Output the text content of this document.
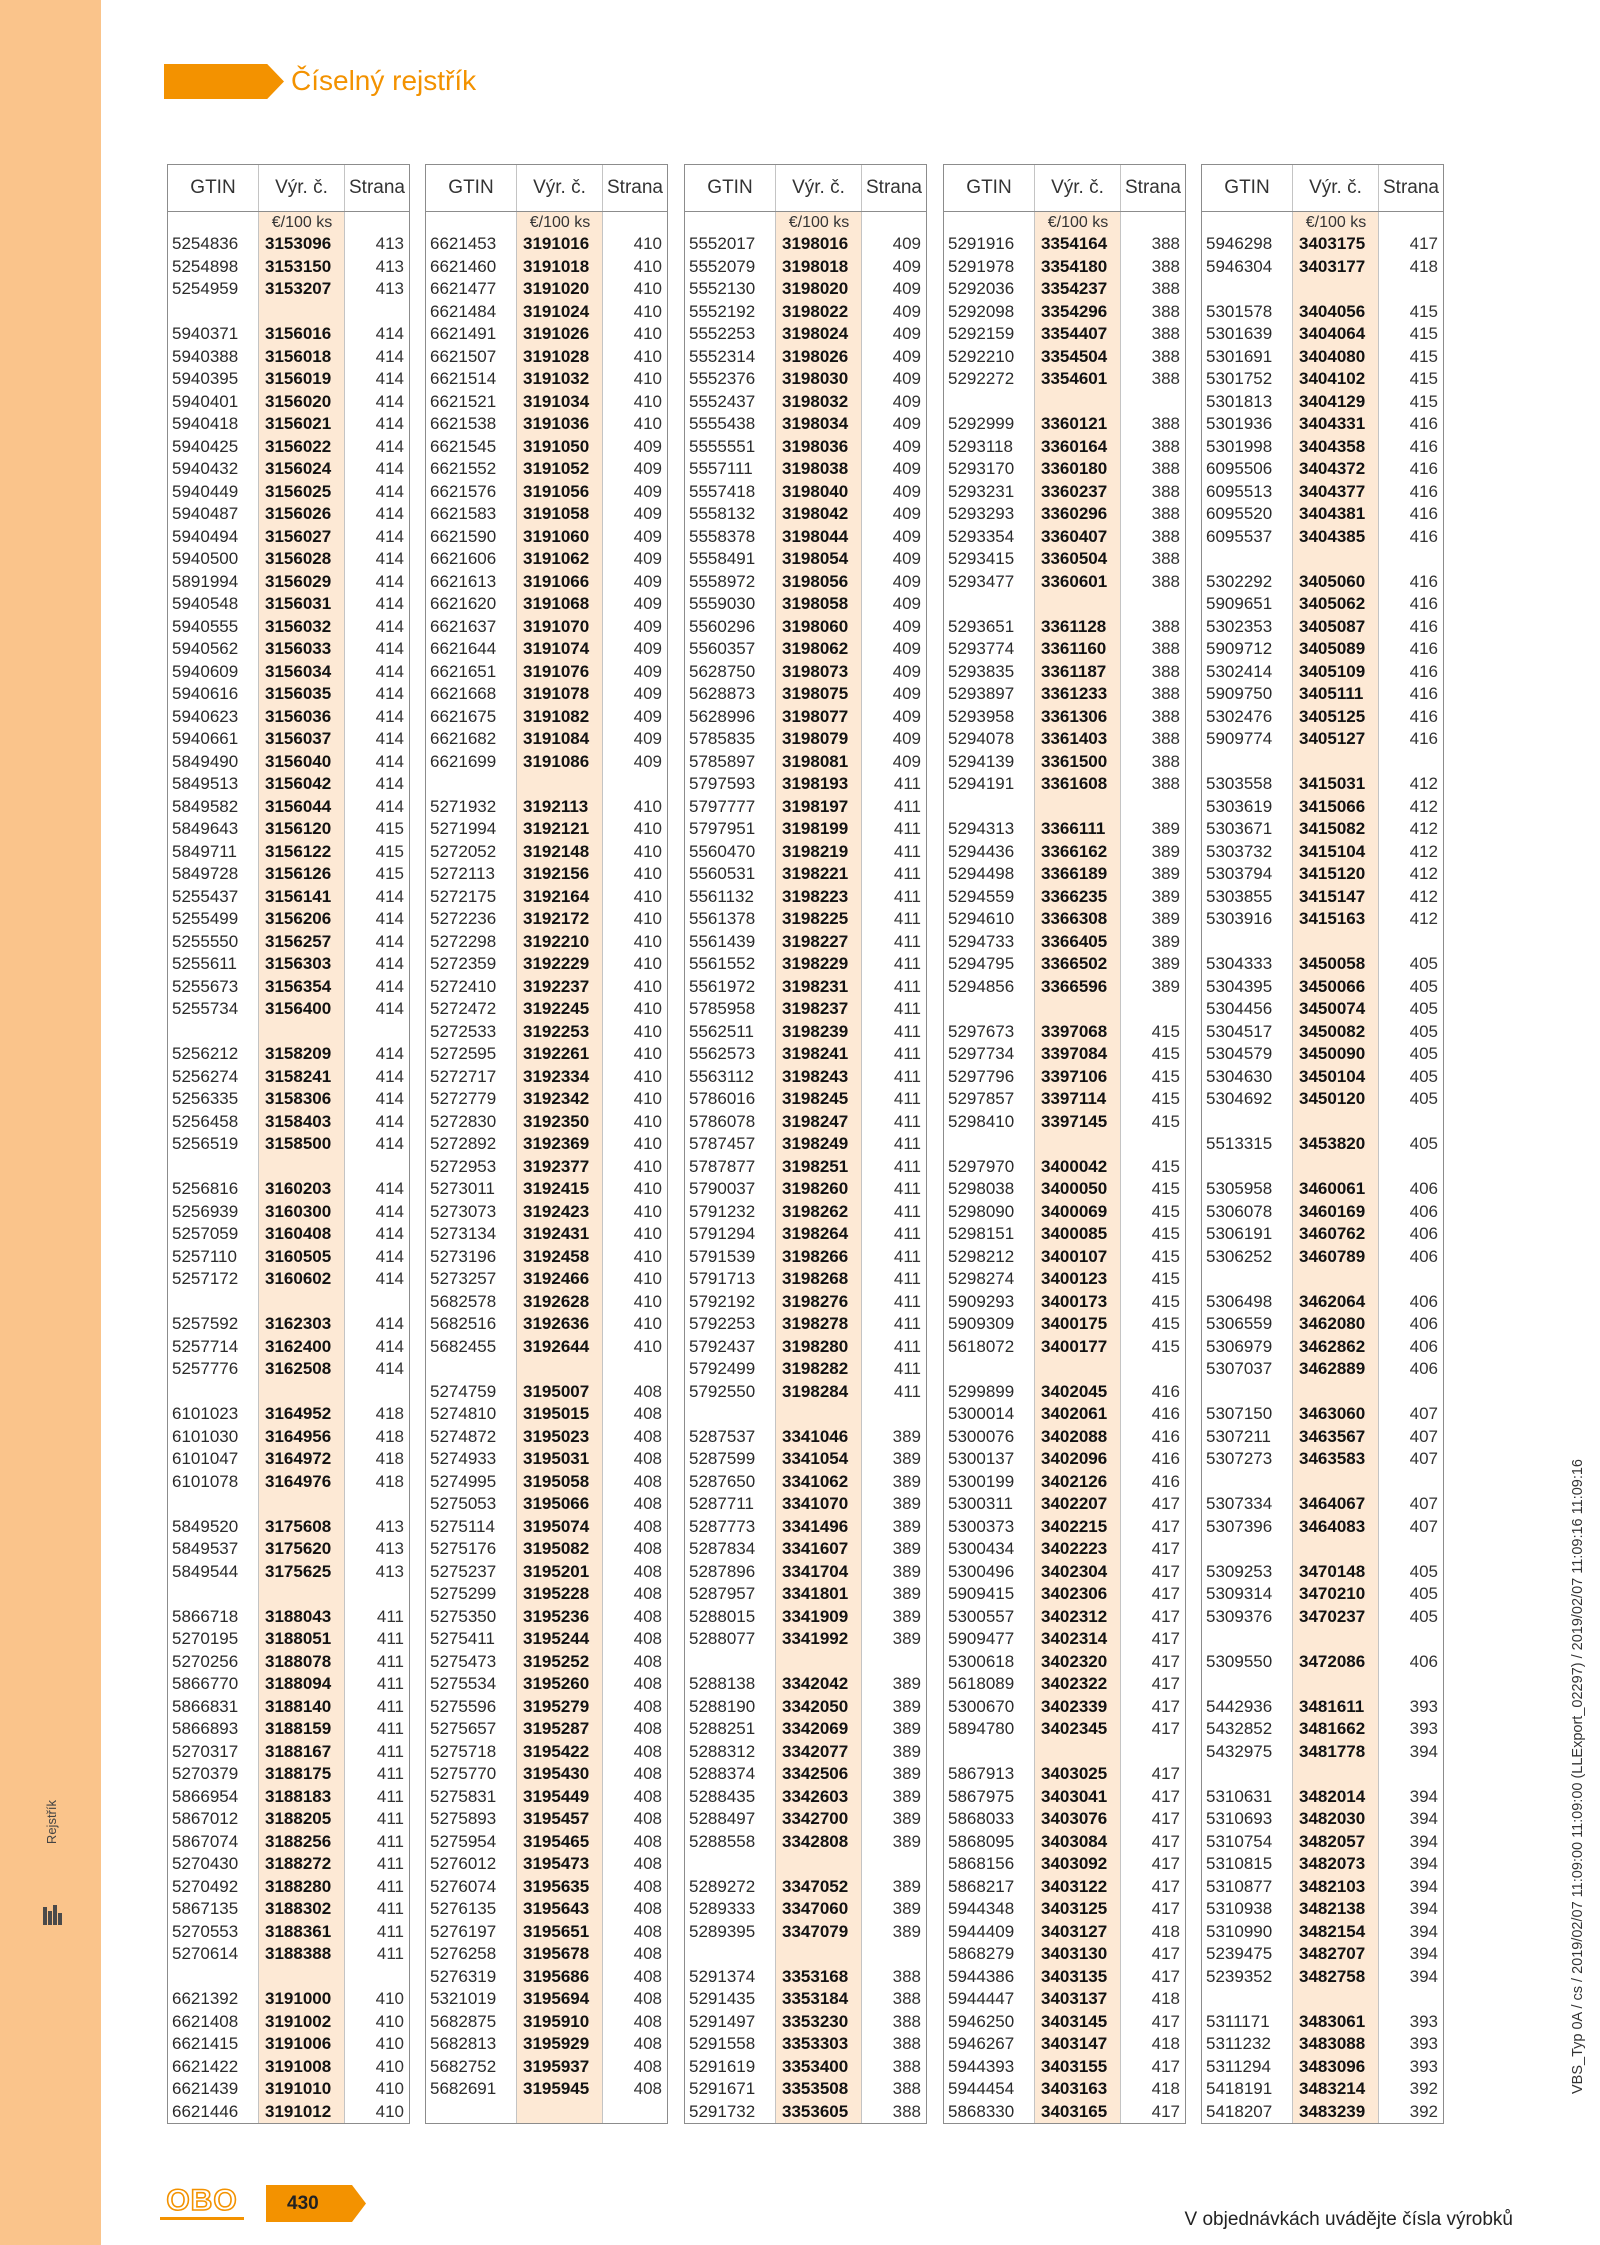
Rejstřík
Číselný rejstřík
GTIN	Výr. č.	Strana
€/100 ks
5254836	3153096	413
5254898	3153150	413
5254959	3153207	413
5940371	3156016	414
5940388	3156018	414
5940395	3156019	414
5940401	3156020	414
5940418	3156021	414
5940425	3156022	414
5940432	3156024	414
5940449	3156025	414
5940487	3156026	414
5940494	3156027	414
5940500	3156028	414
5891994	3156029	414
5940548	3156031	414
5940555	3156032	414
5940562	3156033	414
5940609	3156034	414
5940616	3156035	414
5940623	3156036	414
5940661	3156037	414
5849490	3156040	414
5849513	3156042	414
5849582	3156044	414
5849643	3156120	415
5849711	3156122	415
5849728	3156126	415
5255437	3156141	414
5255499	3156206	414
5255550	3156257	414
5255611	3156303	414
5255673	3156354	414
5255734	3156400	414
5256212	3158209	414
5256274	3158241	414
5256335	3158306	414
5256458	3158403	414
5256519	3158500	414
5256816	3160203	414
5256939	3160300	414
5257059	3160408	414
5257110	3160505	414
5257172	3160602	414
5257592	3162303	414
5257714	3162400	414
5257776	3162508	414
6101023	3164952	418
6101030	3164956	418
6101047	3164972	418
6101078	3164976	418
5849520	3175608	413
5849537	3175620	413
5849544	3175625	413
5866718	3188043	411
5270195	3188051	411
5270256	3188078	411
5866770	3188094	411
5866831	3188140	411
5866893	3188159	411
5270317	3188167	411
5270379	3188175	411
5866954	3188183	411
5867012	3188205	411
5867074	3188256	411
5270430	3188272	411
5270492	3188280	411
5867135	3188302	411
5270553	3188361	411
5270614	3188388	411
6621392	3191000	410
6621408	3191002	410
6621415	3191006	410
6621422	3191008	410
6621439	3191010	410
6621446	3191012	410
GTIN	Výr. č.	Strana
€/100 ks
6621453	3191016	410
6621460	3191018	410
6621477	3191020	410
6621484	3191024	410
6621491	3191026	410
6621507	3191028	410
6621514	3191032	410
6621521	3191034	410
6621538	3191036	410
6621545	3191050	409
6621552	3191052	409
6621576	3191056	409
6621583	3191058	409
6621590	3191060	409
6621606	3191062	409
6621613	3191066	409
6621620	3191068	409
6621637	3191070	409
6621644	3191074	409
6621651	3191076	409
6621668	3191078	409
6621675	3191082	409
6621682	3191084	409
6621699	3191086	409
5271932	3192113	410
5271994	3192121	410
5272052	3192148	410
5272113	3192156	410
5272175	3192164	410
5272236	3192172	410
5272298	3192210	410
5272359	3192229	410
5272410	3192237	410
5272472	3192245	410
5272533	3192253	410
5272595	3192261	410
5272717	3192334	410
5272779	3192342	410
5272830	3192350	410
5272892	3192369	410
5272953	3192377	410
5273011	3192415	410
5273073	3192423	410
5273134	3192431	410
5273196	3192458	410
5273257	3192466	410
5682578	3192628	410
5682516	3192636	410
5682455	3192644	410
5274759	3195007	408
5274810	3195015	408
5274872	3195023	408
5274933	3195031	408
5274995	3195058	408
5275053	3195066	408
5275114	3195074	408
5275176	3195082	408
5275237	3195201	408
5275299	3195228	408
5275350	3195236	408
5275411	3195244	408
5275473	3195252	408
5275534	3195260	408
5275596	3195279	408
5275657	3195287	408
5275718	3195422	408
5275770	3195430	408
5275831	3195449	408
5275893	3195457	408
5275954	3195465	408
5276012	3195473	408
5276074	3195635	408
5276135	3195643	408
5276197	3195651	408
5276258	3195678	408
5276319	3195686	408
5321019	3195694	408
5682875	3195910	408
5682813	3195929	408
5682752	3195937	408
5682691	3195945	408
GTIN	Výr. č.	Strana
€/100 ks
5552017	3198016	409
5552079	3198018	409
5552130	3198020	409
5552192	3198022	409
5552253	3198024	409
5552314	3198026	409
5552376	3198030	409
5552437	3198032	409
5555438	3198034	409
5555551	3198036	409
5557111	3198038	409
5557418	3198040	409
5558132	3198042	409
5558378	3198044	409
5558491	3198054	409
5558972	3198056	409
5559030	3198058	409
5560296	3198060	409
5560357	3198062	409
5628750	3198073	409
5628873	3198075	409
5628996	3198077	409
5785835	3198079	409
5785897	3198081	409
5797593	3198193	411
5797777	3198197	411
5797951	3198199	411
5560470	3198219	411
5560531	3198221	411
5561132	3198223	411
5561378	3198225	411
5561439	3198227	411
5561552	3198229	411
5561972	3198231	411
5785958	3198237	411
5562511	3198239	411
5562573	3198241	411
5563112	3198243	411
5786016	3198245	411
5786078	3198247	411
5787457	3198249	411
5787877	3198251	411
5790037	3198260	411
5791232	3198262	411
5791294	3198264	411
5791539	3198266	411
5791713	3198268	411
5792192	3198276	411
5792253	3198278	411
5792437	3198280	411
5792499	3198282	411
5792550	3198284	411
5287537	3341046	389
5287599	3341054	389
5287650	3341062	389
5287711	3341070	389
5287773	3341496	389
5287834	3341607	389
5287896	3341704	389
5287957	3341801	389
5288015	3341909	389
5288077	3341992	389
5288138	3342042	389
5288190	3342050	389
5288251	3342069	389
5288312	3342077	389
5288374	3342506	389
5288435	3342603	389
5288497	3342700	389
5288558	3342808	389
5289272	3347052	389
5289333	3347060	389
5289395	3347079	389
5291374	3353168	388
5291435	3353184	388
5291497	3353230	388
5291558	3353303	388
5291619	3353400	388
5291671	3353508	388
5291732	3353605	388
GTIN	Výr. č.	Strana
€/100 ks
5291916	3354164	388
5291978	3354180	388
5292036	3354237	388
5292098	3354296	388
5292159	3354407	388
5292210	3354504	388
5292272	3354601	388
5292999	3360121	388
5293118	3360164	388
5293170	3360180	388
5293231	3360237	388
5293293	3360296	388
5293354	3360407	388
5293415	3360504	388
5293477	3360601	388
5293651	3361128	388
5293774	3361160	388
5293835	3361187	388
5293897	3361233	388
5293958	3361306	388
5294078	3361403	388
5294139	3361500	388
5294191	3361608	388
5294313	3366111	389
5294436	3366162	389
5294498	3366189	389
5294559	3366235	389
5294610	3366308	389
5294733	3366405	389
5294795	3366502	389
5294856	3366596	389
5297673	3397068	415
5297734	3397084	415
5297796	3397106	415
5297857	3397114	415
5298410	3397145	415
5297970	3400042	415
5298038	3400050	415
5298090	3400069	415
5298151	3400085	415
5298212	3400107	415
5298274	3400123	415
5909293	3400173	415
5909309	3400175	415
5618072	3400177	415
5299899	3402045	416
5300014	3402061	416
5300076	3402088	416
5300137	3402096	416
5300199	3402126	416
5300311	3402207	417
5300373	3402215	417
5300434	3402223	417
5300496	3402304	417
5909415	3402306	417
5300557	3402312	417
5909477	3402314	417
5300618	3402320	417
5618089	3402322	417
5300670	3402339	417
5894780	3402345	417
5867913	3403025	417
5867975	3403041	417
5868033	3403076	417
5868095	3403084	417
5868156	3403092	417
5868217	3403122	417
5944348	3403125	417
5944409	3403127	418
5868279	3403130	417
5944386	3403135	417
5944447	3403137	418
5946250	3403145	417
5946267	3403147	418
5944393	3403155	417
5944454	3403163	418
5868330	3403165	417
GTIN	Výr. č.	Strana
€/100 ks
5946298	3403175	417
5946304	3403177	418
5301578	3404056	415
5301639	3404064	415
5301691	3404080	415
5301752	3404102	415
5301813	3404129	415
5301936	3404331	416
5301998	3404358	416
6095506	3404372	416
6095513	3404377	416
6095520	3404381	416
6095537	3404385	416
5302292	3405060	416
5909651	3405062	416
5302353	3405087	416
5909712	3405089	416
5302414	3405109	416
5909750	3405111	416
5302476	3405125	416
5909774	3405127	416
5303558	3415031	412
5303619	3415066	412
5303671	3415082	412
5303732	3415104	412
5303794	3415120	412
5303855	3415147	412
5303916	3415163	412
5304333	3450058	405
5304395	3450066	405
5304456	3450074	405
5304517	3450082	405
5304579	3450090	405
5304630	3450104	405
5304692	3450120	405
5513315	3453820	405
5305958	3460061	406
5306078	3460169	406
5306191	3460762	406
5306252	3460789	406
5306498	3462064	406
5306559	3462080	406
5306979	3462862	406
5307037	3462889	406
5307150	3463060	407
5307211	3463567	407
5307273	3463583	407
5307334	3464067	407
5307396	3464083	407
5309253	3470148	405
5309314	3470210	405
5309376	3470237	405
5309550	3472086	406
5442936	3481611	393
5432852	3481662	393
5432975	3481778	394
5310631	3482014	394
5310693	3482030	394
5310754	3482057	394
5310815	3482073	394
5310877	3482103	394
5310938	3482138	394
5310990	3482154	394
5239475	3482707	394
5239352	3482758	394
5311171	3483061	393
5311232	3483088	393
5311294	3483096	393
5418191	3483214	392
5418207	3483239	392
OBO	430
V objednávkách uvádějte čísla výrobků
VBS_Typ 0A / cs / 2019/02/07 11:09:00 11:09:00 (LLExport_02297) / 2019/02/07 11:09:16 11:09:16
